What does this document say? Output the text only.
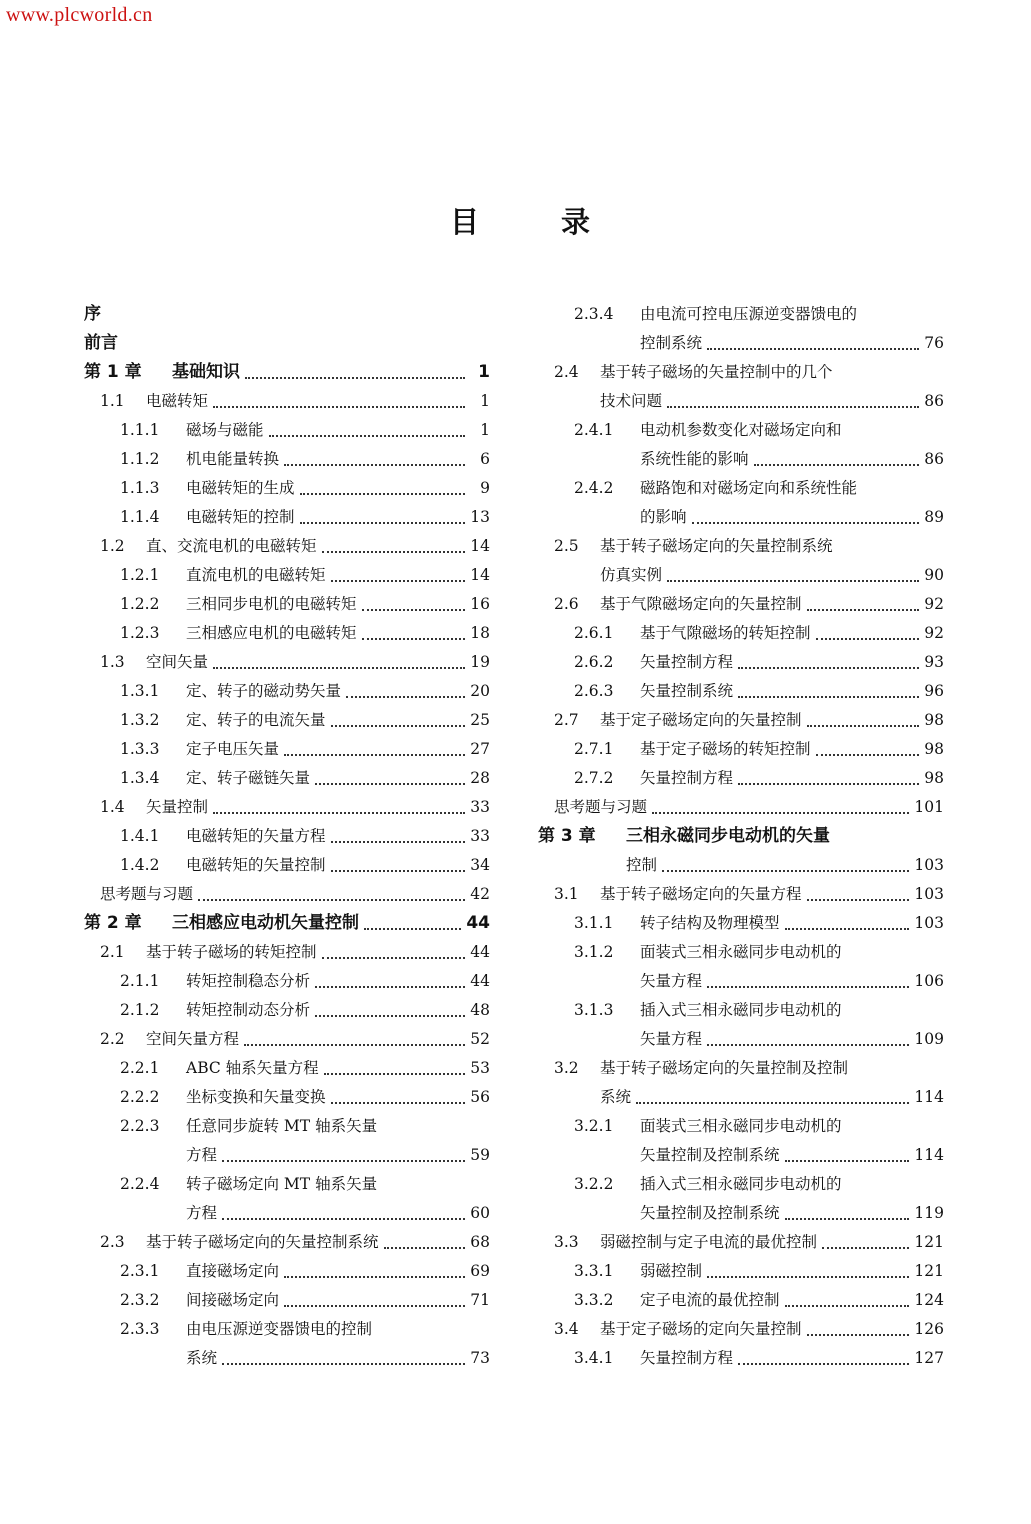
www.plcworld.cn
目	录
序
前言
第 1 章 基础知识	1
1.1 电磁转矩	1
1.1.1 磁场与磁能	1
1.1.2 机电能量转换	6
1.1.3 电磁转矩的生成	9
1.1.4 电磁转矩的控制	13
1.2 直、交流电机的电磁转矩	14
1.2.1 直流电机的电磁转矩	14
1.2.2 三相同步电机的电磁转矩	16
1.2.3 三相感应电机的电磁转矩	18
1.3 空间矢量	19
1.3.1 定、转子的磁动势矢量	20
1.3.2 定、转子的电流矢量	25
1.3.3 定子电压矢量	27
1.3.4 定、转子磁链矢量	28
1.4 矢量控制	33
1.4.1 电磁转矩的矢量方程	33
1.4.2 电磁转矩的矢量控制	34
思考题与习题	42
第 2 章 三相感应电动机矢量控制	44
2.1 基于转子磁场的转矩控制	44
2.1.1 转矩控制稳态分析	44
2.1.2 转矩控制动态分析	48
2.2 空间矢量方程	52
2.2.1 ABC 轴系矢量方程	53
2.2.2 坐标变换和矢量变换	56
2.2.3 任意同步旋转 MT 轴系矢量
方程	59
2.2.4 转子磁场定向 MT 轴系矢量
方程	60
2.3 基于转子磁场定向的矢量控制系统	68
2.3.1 直接磁场定向	69
2.3.2 间接磁场定向	71
2.3.3 由电压源逆变器馈电的控制
系统	73
2.3.4 由电流可控电压源逆变器馈电的
控制系统	76
2.4 基于转子磁场的矢量控制中的几个
技术问题	86
2.4.1 电动机参数变化对磁场定向和
系统性能的影响	86
2.4.2 磁路饱和对磁场定向和系统性能
的影响	89
2.5 基于转子磁场定向的矢量控制系统
仿真实例	90
2.6 基于气隙磁场定向的矢量控制	92
2.6.1 基于气隙磁场的转矩控制	92
2.6.2 矢量控制方程	93
2.6.3 矢量控制系统	96
2.7 基于定子磁场定向的矢量控制	98
2.7.1 基于定子磁场的转矩控制	98
2.7.2 矢量控制方程	98
思考题与习题	101
第 3 章 三相永磁同步电动机的矢量
控制	103
3.1 基于转子磁场定向的矢量方程	103
3.1.1 转子结构及物理模型	103
3.1.2 面装式三相永磁同步电动机的
矢量方程	106
3.1.3 插入式三相永磁同步电动机的
矢量方程	109
3.2 基于转子磁场定向的矢量控制及控制
系统	114
3.2.1 面装式三相永磁同步电动机的
矢量控制及控制系统	114
3.2.2 插入式三相永磁同步电动机的
矢量控制及控制系统	119
3.3 弱磁控制与定子电流的最优控制	121
3.3.1 弱磁控制	121
3.3.2 定子电流的最优控制	124
3.4 基于定子磁场的定向矢量控制	126
3.4.1 矢量控制方程	127
